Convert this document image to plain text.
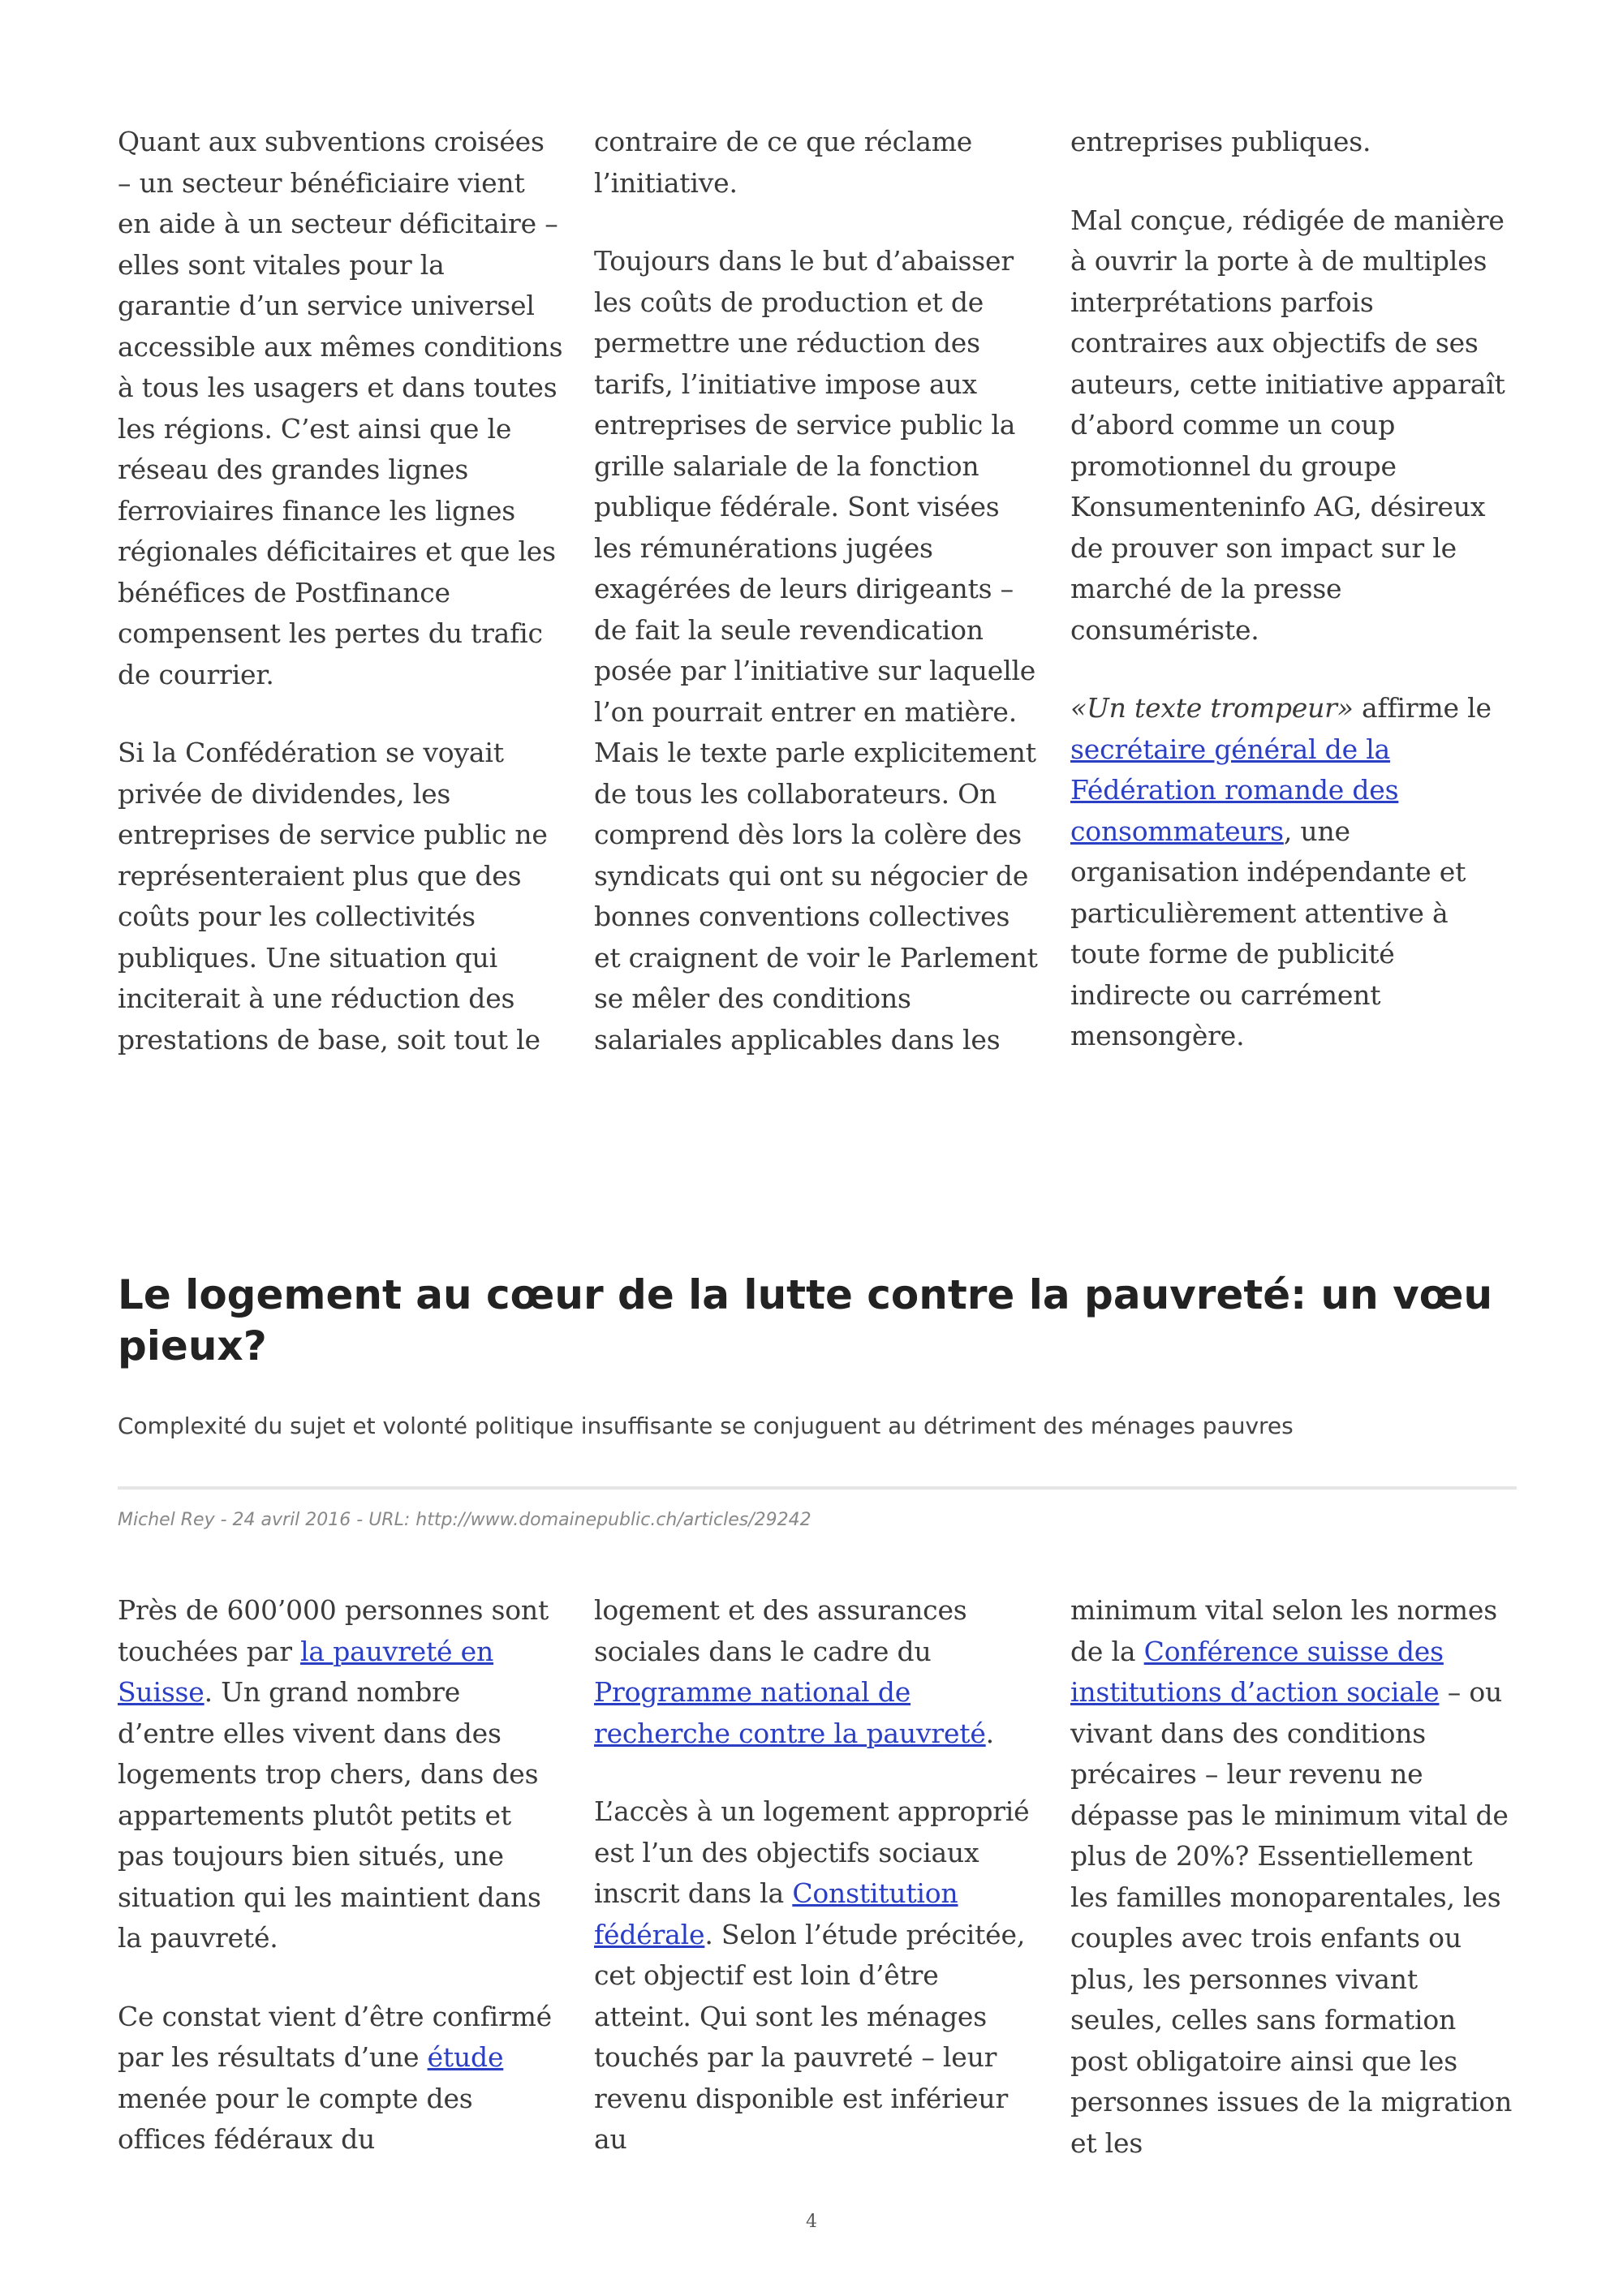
Quant aux subventions croisées – un secteur bénéficiaire vient en aide à un secteur déficitaire – elles sont vitales pour la garantie d’un service universel accessible aux mêmes conditions à tous les usagers et dans toutes les régions. C’est ainsi que le réseau des grandes lignes ferroviaires finance les lignes régionales déficitaires et que les bénéfices de Postfinance compensent les pertes du trafic de courrier.

Si la Confédération se voyait privée de dividendes, les entreprises de service public ne représenteraient plus que des coûts pour les collectivités publiques. Une situation qui inciterait à une réduction des prestations de base, soit tout le

contraire de ce que réclame l’initiative.

Toujours dans le but d’abaisser les coûts de production et de permettre une réduction des tarifs, l’initiative impose aux entreprises de service public la grille salariale de la fonction publique fédérale. Sont visées les rémunérations jugées exagérées de leurs dirigeants – de fait la seule revendication posée par l’initiative sur laquelle l’on pourrait entrer en matière. Mais le texte parle explicitement de tous les collaborateurs. On comprend dès lors la colère des syndicats qui ont su négocier de bonnes conventions collectives et craignent de voir le Parlement se mêler des conditions salariales applicables dans les

entreprises publiques.

Mal conçue, rédigée de manière à ouvrir la porte à de multiples interprétations parfois contraires aux objectifs de ses auteurs, cette initiative apparaît d’abord comme un coup promotionnel du groupe Konsumenteninfo AG, désireux de prouver son impact sur le marché de la presse consumériste.

«Un texte trompeur» affirme le secrétaire général de la Fédération romande des consommateurs, une organisation indépendante et particulièrement attentive à toute forme de publicité indirecte ou carrément mensongère.

Le logement au cœur de la lutte contre la pauvreté: un vœu pieux?

Complexité du sujet et volonté politique insuffisante se conjuguent au détriment des ménages pauvres

Michel Rey - 24 avril 2016 - URL: http://www.domainepublic.ch/articles/29242

Près de 600’000 personnes sont touchées par la pauvreté en Suisse. Un grand nombre d’entre elles vivent dans des logements trop chers, dans des appartements plutôt petits et pas toujours bien situés, une situation qui les maintient dans la pauvreté.

Ce constat vient d’être confirmé par les résultats d’une étude menée pour le compte des offices fédéraux du

logement et des assurances sociales dans le cadre du Programme national de recherche contre la pauvreté.

L’accès à un logement approprié est l’un des objectifs sociaux inscrit dans la Constitution fédérale. Selon l’étude précitée, cet objectif est loin d’être atteint. Qui sont les ménages touchés par la pauvreté – leur revenu disponible est inférieur au

minimum vital selon les normes de la Conférence suisse des institutions d’action sociale – ou vivant dans des conditions précaires – leur revenu ne dépasse pas le minimum vital de plus de 20%? Essentiellement les familles monoparentales, les couples avec trois enfants ou plus, les personnes vivant seules, celles sans formation post obligatoire ainsi que les personnes issues de la migration et les

4
